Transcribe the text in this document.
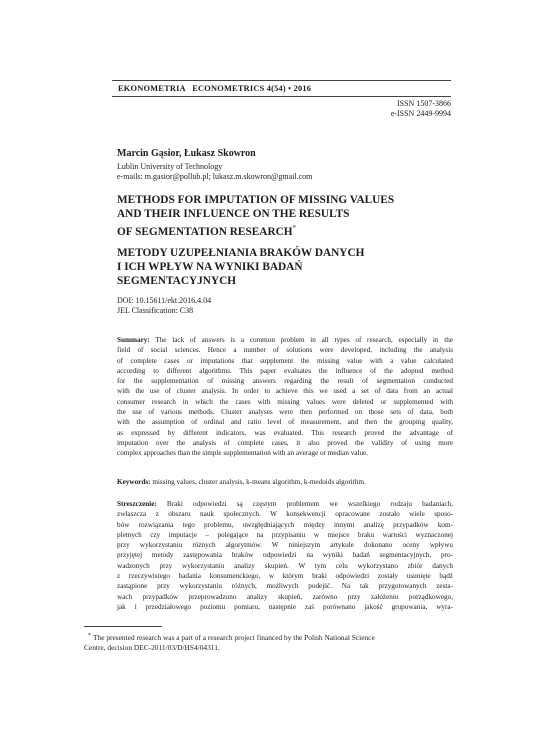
EKONOMETRIA   ECONOMETRICS 4(54) • 2016
ISSN 1507-3866
e-ISSN 2449-9994
Marcin Gąsior, Łukasz Skowron
Lublin University of Technology
e-mails: m.gasior@pollub.pl; lukasz.m.skowron@gmail.com
METHODS FOR IMPUTATION OF MISSING VALUES
AND THEIR INFLUENCE ON THE RESULTS
OF SEGMENTATION RESEARCH*
METODY UZUPEŁNIANIA BRAKÓW DANYCH
I ICH WPŁYW NA WYNIKI BADAŃ
SEGMENTACYJNYCH
DOI: 10.15611/ekt.2016.4.04
JEL Classification: C38
Summary: The lack of answers is a common problem in all types of research, especially in the
field of social sciences. Hence a number of solutions were developed, including the analysis
of complete cases or imputations that supplement the missing value with a value calculated
according to different algorithms. This paper evaluates the influence of the adopted method
for the supplementation of missing answers regarding the result of segmentation conducted
with the use of cluster analysis. In order to achieve this we used a set of data from an actual
consumer research in which the cases with missing values were deleted or supplemented with
the use of various methods. Cluster analyses were then performed on those sets of data, both
with the assumption of ordinal and ratio level of measurement, and then the grouping quality,
as expressed by different indicators, was evaluated. This research proved the advantage of
imputation over the analysis of complete cases, it also proved the validity of using more
complex approaches than the simple supplementation with an average or median value.
Keywords: missing values, cluster analysis, k-means algorithm, k-medoids algorithm.
Streszczenie: Braki odpowiedzi są częstym problemem we wszelkiego rodzaju badaniach,
zwłaszcza z obszaru nauk społecznych. W konsekwencji opracowane zostało wiele sposo-
bów rozwiązania tego problemu, uwzględniających między innymi analizę przypadków kom-
pletnych czy imputacje – polegające na przypisaniu w miejsce braku wartości wyznaczonej
przy wykorzystaniu różnych algorytmów. W niniejszym artykule dokonano oceny wpływu
przyjętej metody zastępowania braków odpowiedzi na wyniki badań segmentacyjnych, pro-
wadzonych przy wykorzystaniu analizy skupień. W tym celu wykorzystano zbiór danych
z rzeczywistego badania konsumenckiego, w którym braki odpowiedzi zostały usunięte bądź
zastąpione przy wykorzystaniu różnych, możliwych podejść. Na tak przygotowanych zesta-
wach przypadków przeprowadzono analizy skupień, zarówno przy założeniu porządkowego,
jak i przedziałowego poziomu pomiaru, następnie zaś porównano jakość grupowania, wyra-
* The presented research was a part of a research project financed by the Polish National Science
Centre, decision DEC-2011/03/D/HS4/04311.
